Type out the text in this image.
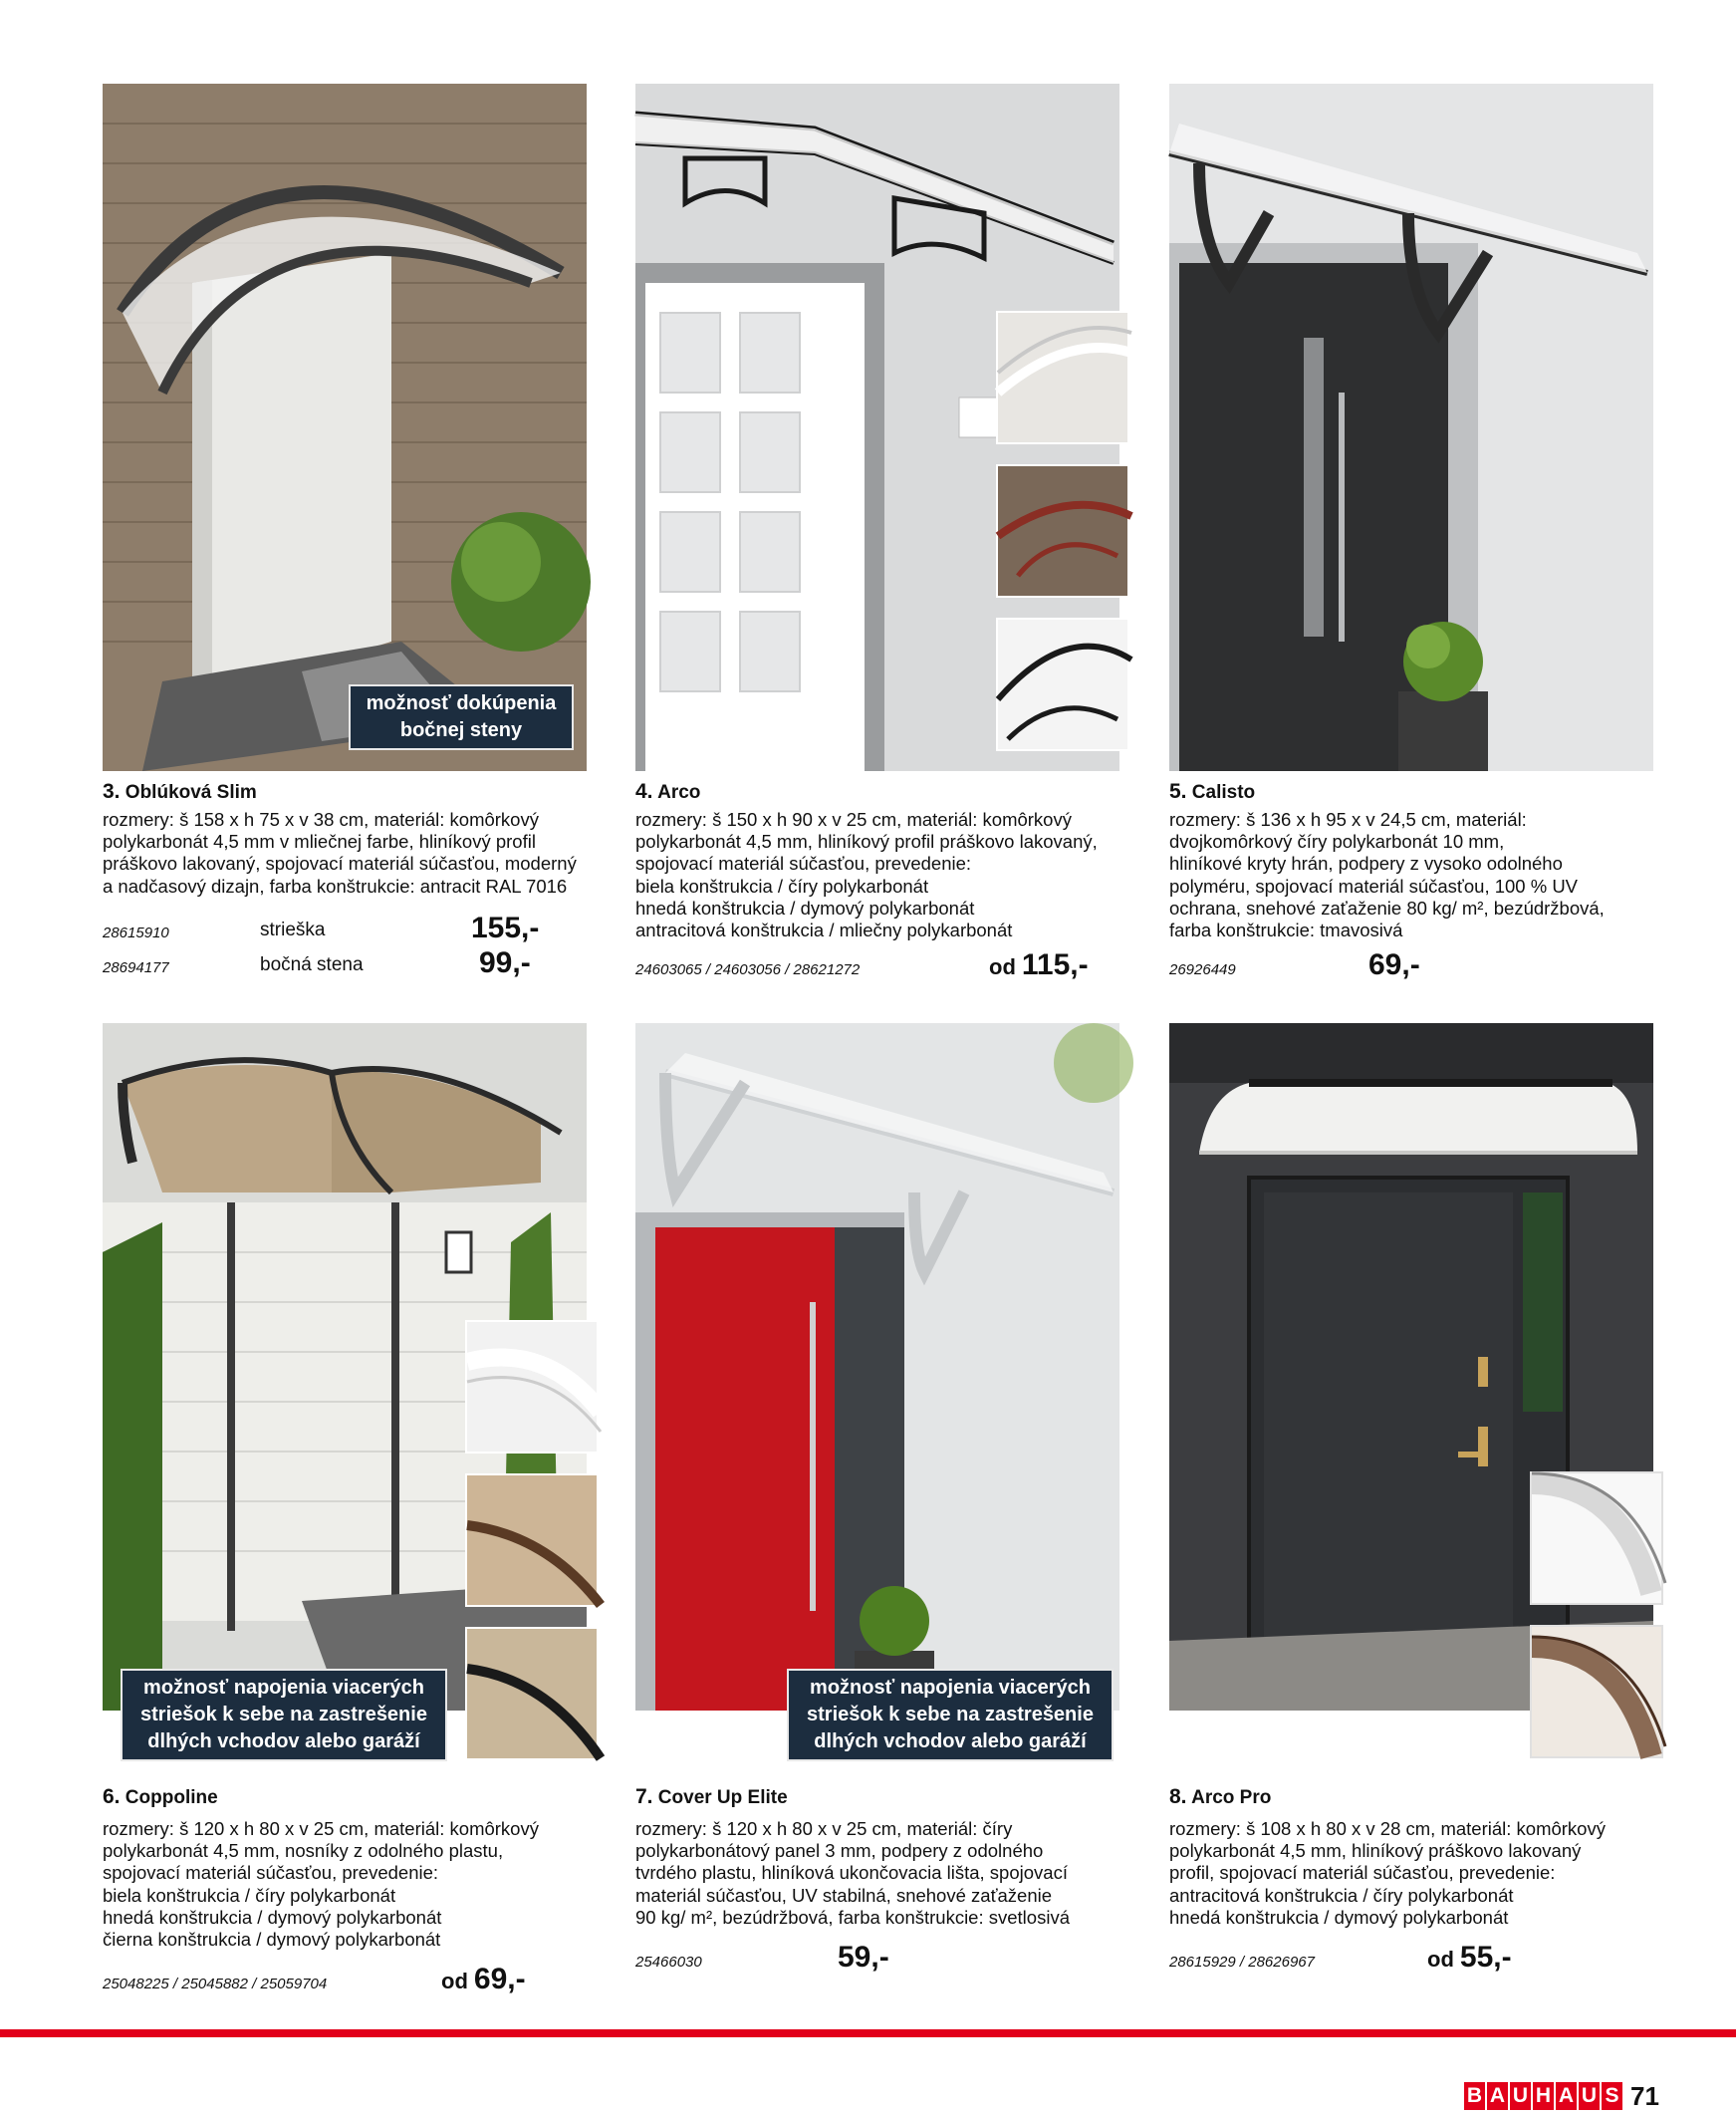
možnosť dokúpenia
bočnej steny
3. Oblúková Slim
rozmery: š 158 x h 75 x v 38 cm, materiál: komôrkový
polykarbonát 4,5 mm v mliečnej farbe, hliníkový profil
práškovo lakovaný, spojovací materiál súčasťou, moderný
a nadčasový dizajn, farba konštrukcie: antracit RAL 7016
28615910	strieška	155,-
28694177	bočná stena	99,-
4. Arco
rozmery: š 150 x h 90 x v 25 cm, materiál: komôrkový
polykarbonát 4,5 mm, hliníkový profil práškovo lakovaný,
spojovací materiál súčasťou, prevedenie:
biela konštrukcia / číry polykarbonát
hnedá konštrukcia / dymový polykarbonát
antracitová konštrukcia / mliečny polykarbonát
24603065 / 24603056 / 28621272	od 115,-
5. Calisto
rozmery: š 136 x h 95 x v 24,5 cm, materiál:
dvojkomôrkový číry polykarbonát 10 mm,
hliníkové kryty hrán, podpery z vysoko odolného
polyméru, spojovací materiál súčasťou, 100 % UV
ochrana, snehové zaťaženie 80 kg/ m², bezúdržbová,
farba konštrukcie: tmavosivá
26926449	69,-
možnosť napojenia viacerých
striešok k sebe na zastrešenie
dlhých vchodov alebo garáží
6. Coppoline
rozmery: š 120 x h 80 x v 25 cm, materiál: komôrkový
polykarbonát 4,5 mm, nosníky z odolného plastu,
spojovací materiál súčasťou, prevedenie:
biela konštrukcia / číry polykarbonát
hnedá konštrukcia / dymový polykarbonát
čierna konštrukcia / dymový polykarbonát
25048225 / 25045882 / 25059704	od 69,-
možnosť napojenia viacerých
striešok k sebe na zastrešenie
dlhých vchodov alebo garáží
7. Cover Up Elite
rozmery: š 120 x h 80 x v 25 cm, materiál: číry
polykarbonátový panel 3 mm, podpery z odolného
tvrdého plastu, hliníková ukončovacia lišta, spojovací
materiál súčasťou, UV stabilná, snehové zaťaženie
90 kg/ m², bezúdržbová, farba konštrukcie: svetlosivá
25466030	59,-
8. Arco Pro
rozmery: š 108 x h 80 x v 28 cm, materiál: komôrkový
polykarbonát 4,5 mm, hliníkový práškovo lakovaný
profil, spojovací materiál súčasťou, prevedenie:
antracitová konštrukcia / číry polykarbonát
hnedá konštrukcia / dymový polykarbonát
28615929 / 28626967	od 55,-
B A U H A U S 71
